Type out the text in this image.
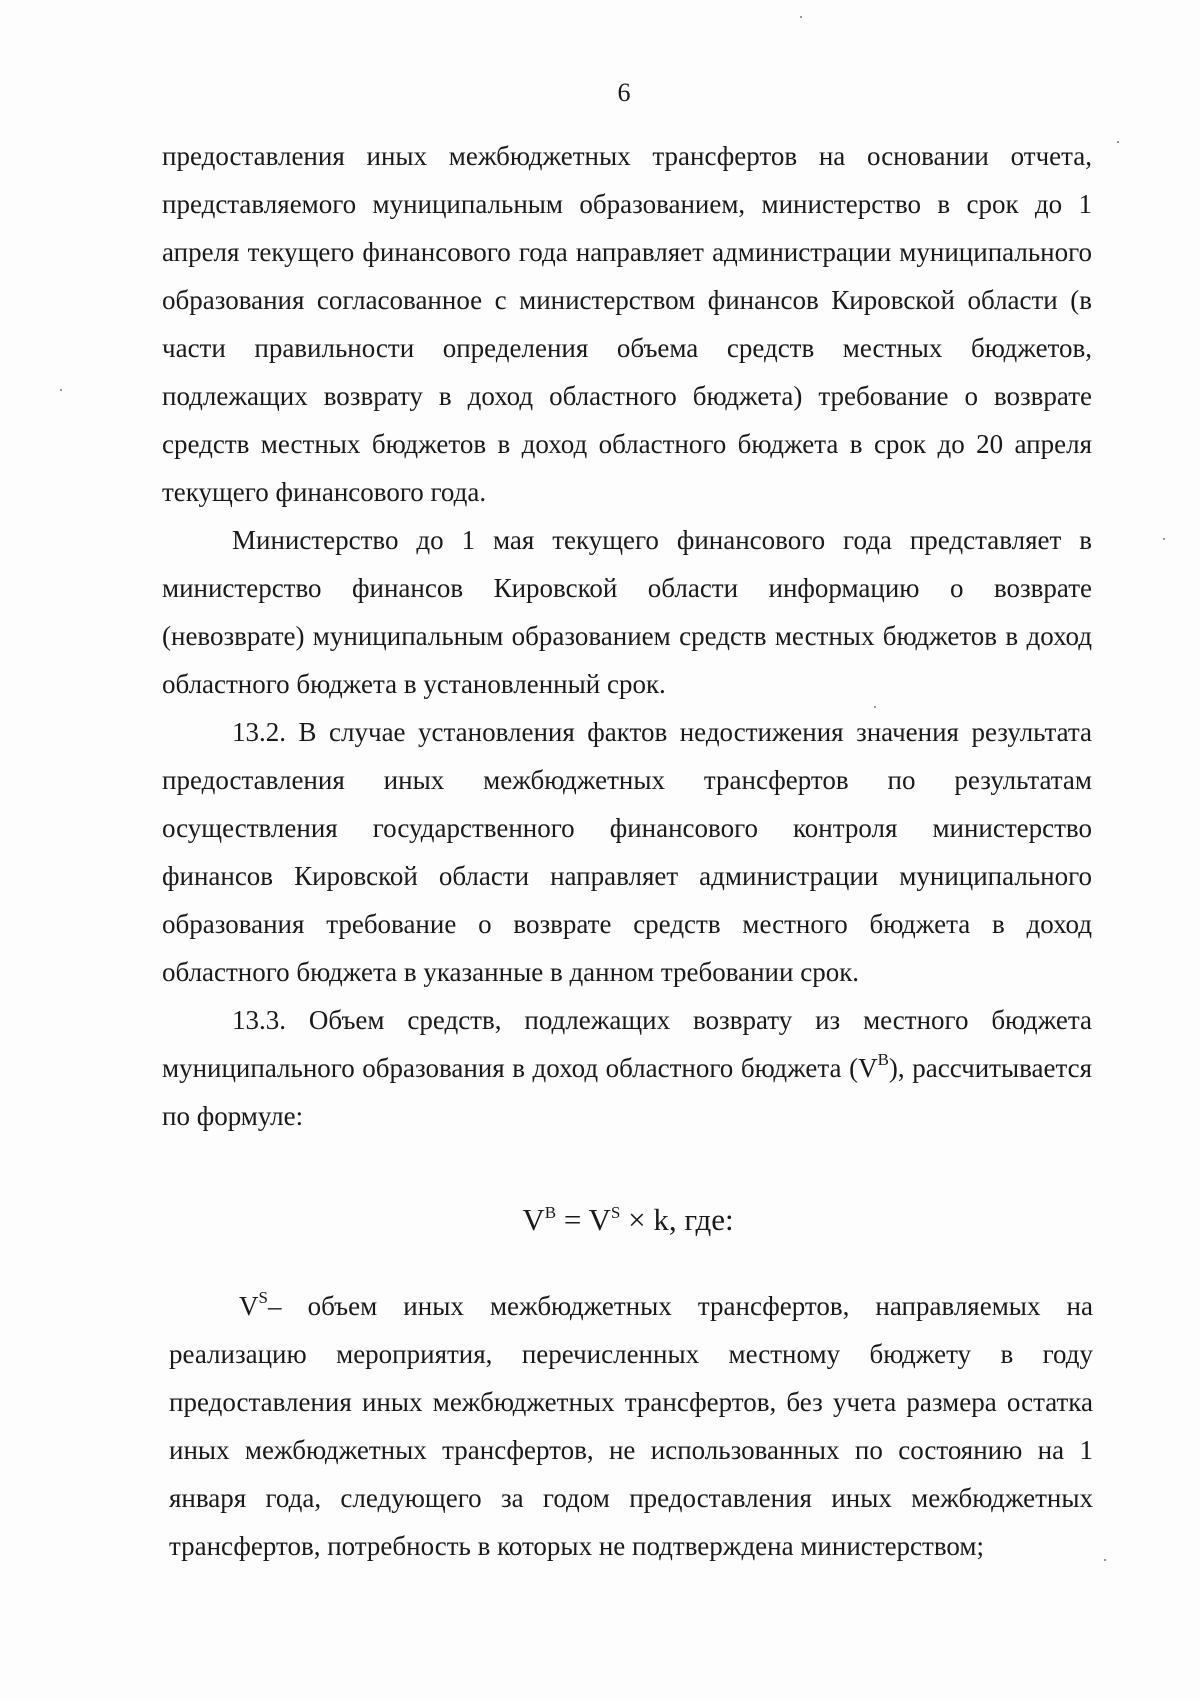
6

предоставления иных межбюджетных трансфертов на основании отчета, представляемого муниципальным образованием, министерство в срок до 1 апреля текущего финансового года направляет администрации муниципального образования согласованное с министерством финансов Кировской области (в части правильности определения объема средств местных бюджетов, подлежащих возврату в доход областного бюджета) требование о возврате средств местных бюджетов в доход областного бюджета в срок до 20 апреля текущего финансового года.

Министерство до 1 мая текущего финансового года представляет в министерство финансов Кировской области информацию о возврате (невозврате) муниципальным образованием средств местных бюджетов в доход областного бюджета в установленный срок.

13.2. В случае установления фактов недостижения значения результата предоставления иных межбюджетных трансфертов по результатам осуществления государственного финансового контроля министерство финансов Кировской области направляет администрации муниципального образования требование о возврате средств местного бюджета в доход областного бюджета в указанные в данном требовании срок.

13.3. Объем средств, подлежащих возврату из местного бюджета муниципального образования в доход областного бюджета $(V^B)$, рассчитывается по формуле:

$V^B = V^S \times k$, где:

$V^S-$ объем иных межбюджетных трансфертов, направляемых на реализацию мероприятия, перечисленных местному бюджету в году предоставления иных межбюджетных трансфертов, без учета размера остатка иных межбюджетных трансфертов, не использованных по состоянию на 1 января года, следующего за годом предоставления иных межбюджетных трансфертов, потребность в которых не подтверждена министерством;
